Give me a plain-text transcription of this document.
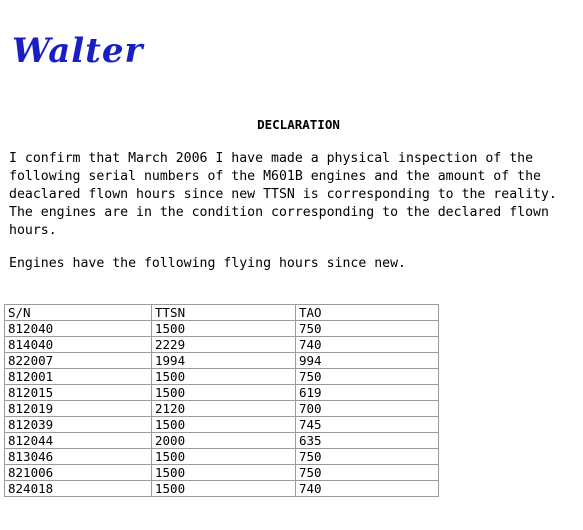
Walter
DECLARATION
I confirm that March 2006 I have made a physical inspection of the
following serial numbers of the M601B engines and the amount of the
deaclared flown hours since new TTSN is corresponding to the reality.
The engines are in the condition corresponding to the declared flown
hours.
Engines have the following flying hours since new.
S/N	TTSN	TAO
812040	1500	750
814040	2229	740
822007	1994	994
812001	1500	750
812015	1500	619
812019	2120	700
812039	1500	745
812044	2000	635
813046	1500	750
821006	1500	750
824018	1500	740
